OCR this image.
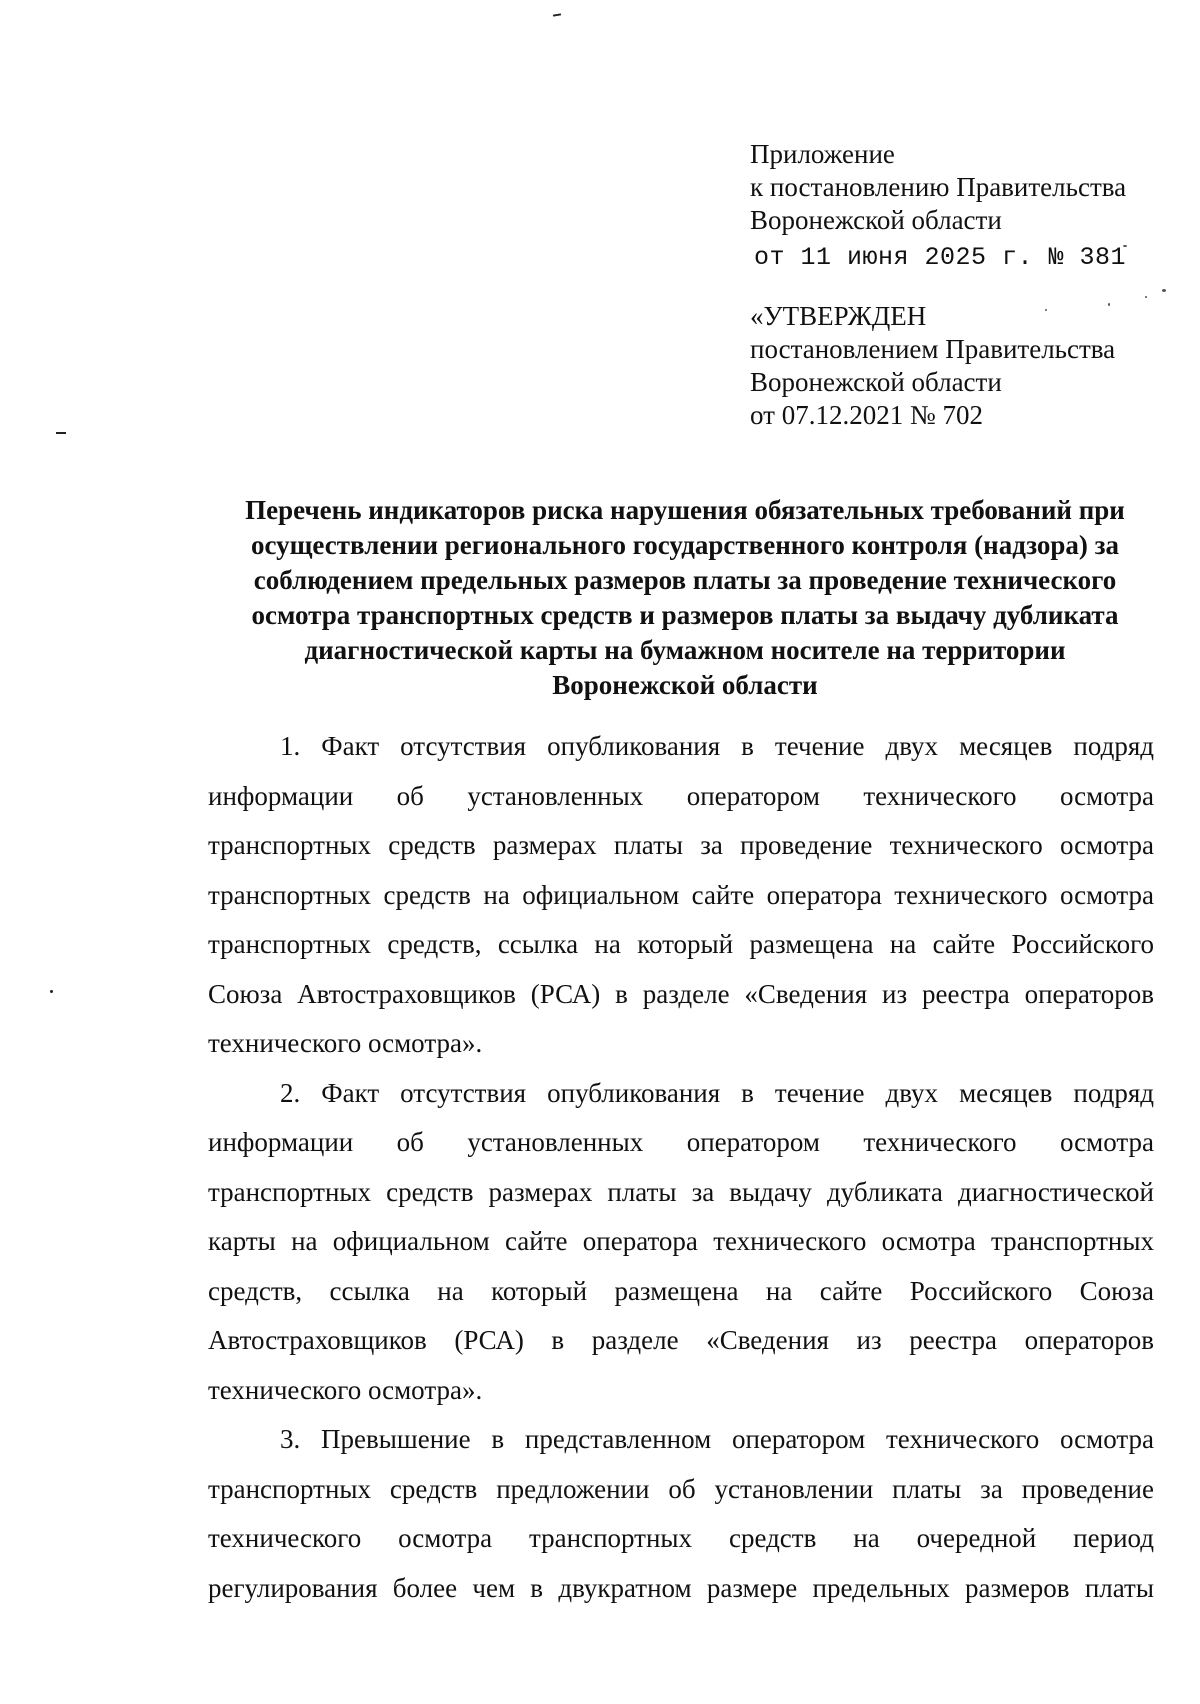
Приложение
к постановлению Правительства
Воронежской области
от 11 июня 2025 г. № 381
«УТВЕРЖДЕН
постановлением Правительства
Воронежской области
от 07.12.2021 № 702
Перечень индикаторов риска нарушения обязательных требований при
осуществлении регионального государственного контроля (надзора) за
соблюдением предельных размеров платы за проведение технического
осмотра транспортных средств и размеров платы за выдачу дубликата
диагностической карты на бумажном носителе на территории
Воронежской области
1. Факт отсутствия опубликования в течение двух месяцев подряд
информации об установленных оператором технического осмотра
транспортных средств размерах платы за проведение технического осмотра
транспортных средств на официальном сайте оператора технического осмотра
транспортных средств, ссылка на который размещена на сайте Российского
Союза Автостраховщиков (РСА) в разделе «Сведения из реестра операторов
технического осмотра».
2. Факт отсутствия опубликования в течение двух месяцев подряд
информации об установленных оператором технического осмотра
транспортных средств размерах платы за выдачу дубликата диагностической
карты на официальном сайте оператора технического осмотра транспортных
средств, ссылка на который размещена на сайте Российского Союза
Автостраховщиков (РСА) в разделе «Сведения из реестра операторов
технического осмотра».
3. Превышение в представленном оператором технического осмотра
транспортных средств предложении об установлении платы за проведение
технического осмотра транспортных средств на очередной период
регулирования более чем в двукратном размере предельных размеров платы
